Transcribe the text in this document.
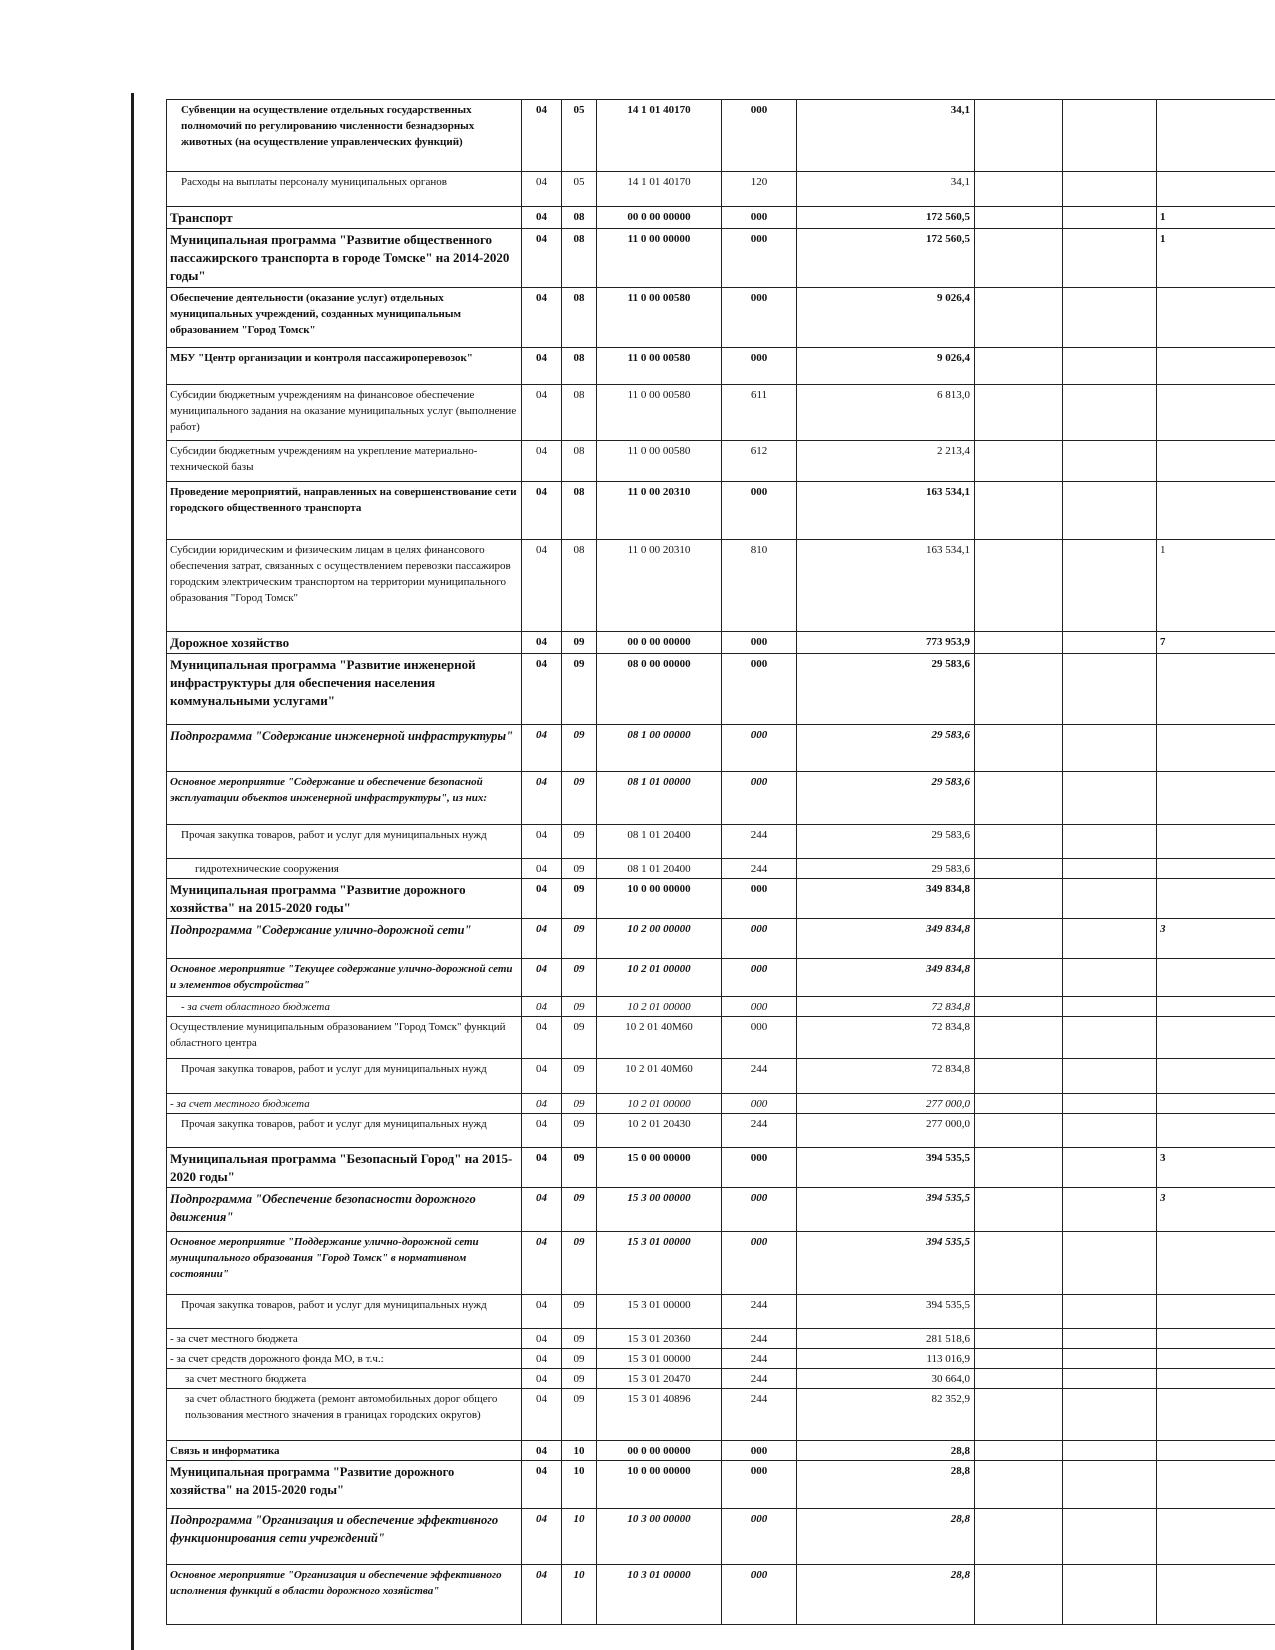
Субвенции на осуществление отдельных государственных полномочий по регулированию численности безнадзорных животных (на осуществление управленческих функций)	04	05	14 1 01 40170	000	34,1			
Расходы на выплаты персоналу муниципальных органов	04	05	14 1 01 40170	120	34,1			
Транспорт	04	08	00 0 00 00000	000	172 560,5			1
Муниципальная программа "Развитие общественного пассажирского транспорта в городе Томске" на 2014-2020 годы"	04	08	11 0 00 00000	000	172 560,5			1
Обеспечение деятельности (оказание услуг) отдельных муниципальных учреждений, созданных муниципальным образованием "Город Томск"	04	08	11 0 00 00580	000	9 026,4			
МБУ "Центр организации и контроля пассажироперевозок"	04	08	11 0 00 00580	000	9 026,4			
Субсидии бюджетным учреждениям на финансовое обеспечение муниципального задания на оказание муниципальных услуг (выполнение работ)	04	08	11 0 00 00580	611	6 813,0			
Субсидии бюджетным учреждениям на укрепление материально-технической базы	04	08	11 0 00 00580	612	2 213,4			
Проведение мероприятий, направленных на совершенствование сети городского общественного транспорта	04	08	11 0 00 20310	000	163 534,1			
Субсидии юридическим и физическим лицам в целях финансового обеспечения затрат, связанных с осуществлением перевозки пассажиров городским электрическим транспортом на территории муниципального образования "Город Томск"	04	08	11 0 00 20310	810	163 534,1			1
Дорожное хозяйство	04	09	00 0 00 00000	000	773 953,9			7
Муниципальная программа "Развитие инженерной инфраструктуры для обеспечения населения коммунальными услугами"	04	09	08 0 00 00000	000	29 583,6			
Подпрограмма "Содержание инженерной инфраструктуры"	04	09	08 1 00 00000	000	29 583,6			
Основное мероприятие "Содержание и обеспечение безопасной эксплуатации объектов инженерной инфраструктуры", из них:	04	09	08 1 01 00000	000	29 583,6			
Прочая закупка товаров, работ и услуг для муниципальных нужд	04	09	08 1 01 20400	244	29 583,6			
гидротехнические сооружения	04	09	08 1 01 20400	244	29 583,6			
Муниципальная программа "Развитие дорожного хозяйства" на 2015-2020 годы"	04	09	10 0 00 00000	000	349 834,8			
Подпрограмма "Содержание улично-дорожной сети"	04	09	10 2 00 00000	000	349 834,8			3
Основное мероприятие "Текущее содержание улично-дорожной сети и элементов обустройства"	04	09	10 2 01 00000	000	349 834,8			
- за счет областного бюджета	04	09	10 2 01 00000	000	72 834,8			
Осуществление муниципальным образованием "Город Томск" функций областного центра	04	09	10 2 01 40М60	000	72 834,8			
Прочая закупка товаров, работ и услуг для муниципальных нужд	04	09	10 2 01 40М60	244	72 834,8			
- за счет местного бюджета	04	09	10 2 01 00000	000	277 000,0			
Прочая закупка товаров, работ и услуг для муниципальных нужд	04	09	10 2 01 20430	244	277 000,0			
Муниципальная программа "Безопасный Город" на 2015-2020 годы"	04	09	15 0 00 00000	000	394 535,5			3
Подпрограмма "Обеспечение безопасности дорожного движения"	04	09	15 3 00 00000	000	394 535,5			3
Основное мероприятие "Поддержание улично-дорожной сети муниципального образования "Город Томск" в нормативном состоянии"	04	09	15 3 01 00000	000	394 535,5			
Прочая закупка товаров, работ и услуг для муниципальных нужд	04	09	15 3 01 00000	244	394 535,5			
- за счет местного бюджета	04	09	15 3 01 20360	244	281 518,6			
- за счет средств дорожного фонда МО, в т.ч.:	04	09	15 3 01 00000	244	113 016,9			
за счет местного бюджета	04	09	15 3 01 20470	244	30 664,0			
за счет областного бюджета (ремонт автомобильных дорог общего пользования местного значения в границах городских округов)	04	09	15 3 01 40896	244	82 352,9			
Связь и информатика	04	10	00 0 00 00000	000	28,8			
Муниципальная программа "Развитие дорожного хозяйства" на 2015-2020 годы"	04	10	10 0 00 00000	000	28,8			
Подпрограмма "Организация и обеспечение эффективного функционирования сети учреждений"	04	10	10 3 00 00000	000	28,8			
Основное мероприятие "Организация и обеспечение эффективного исполнения функций в области дорожного хозяйства"	04	10	10 3 01 00000	000	28,8			
